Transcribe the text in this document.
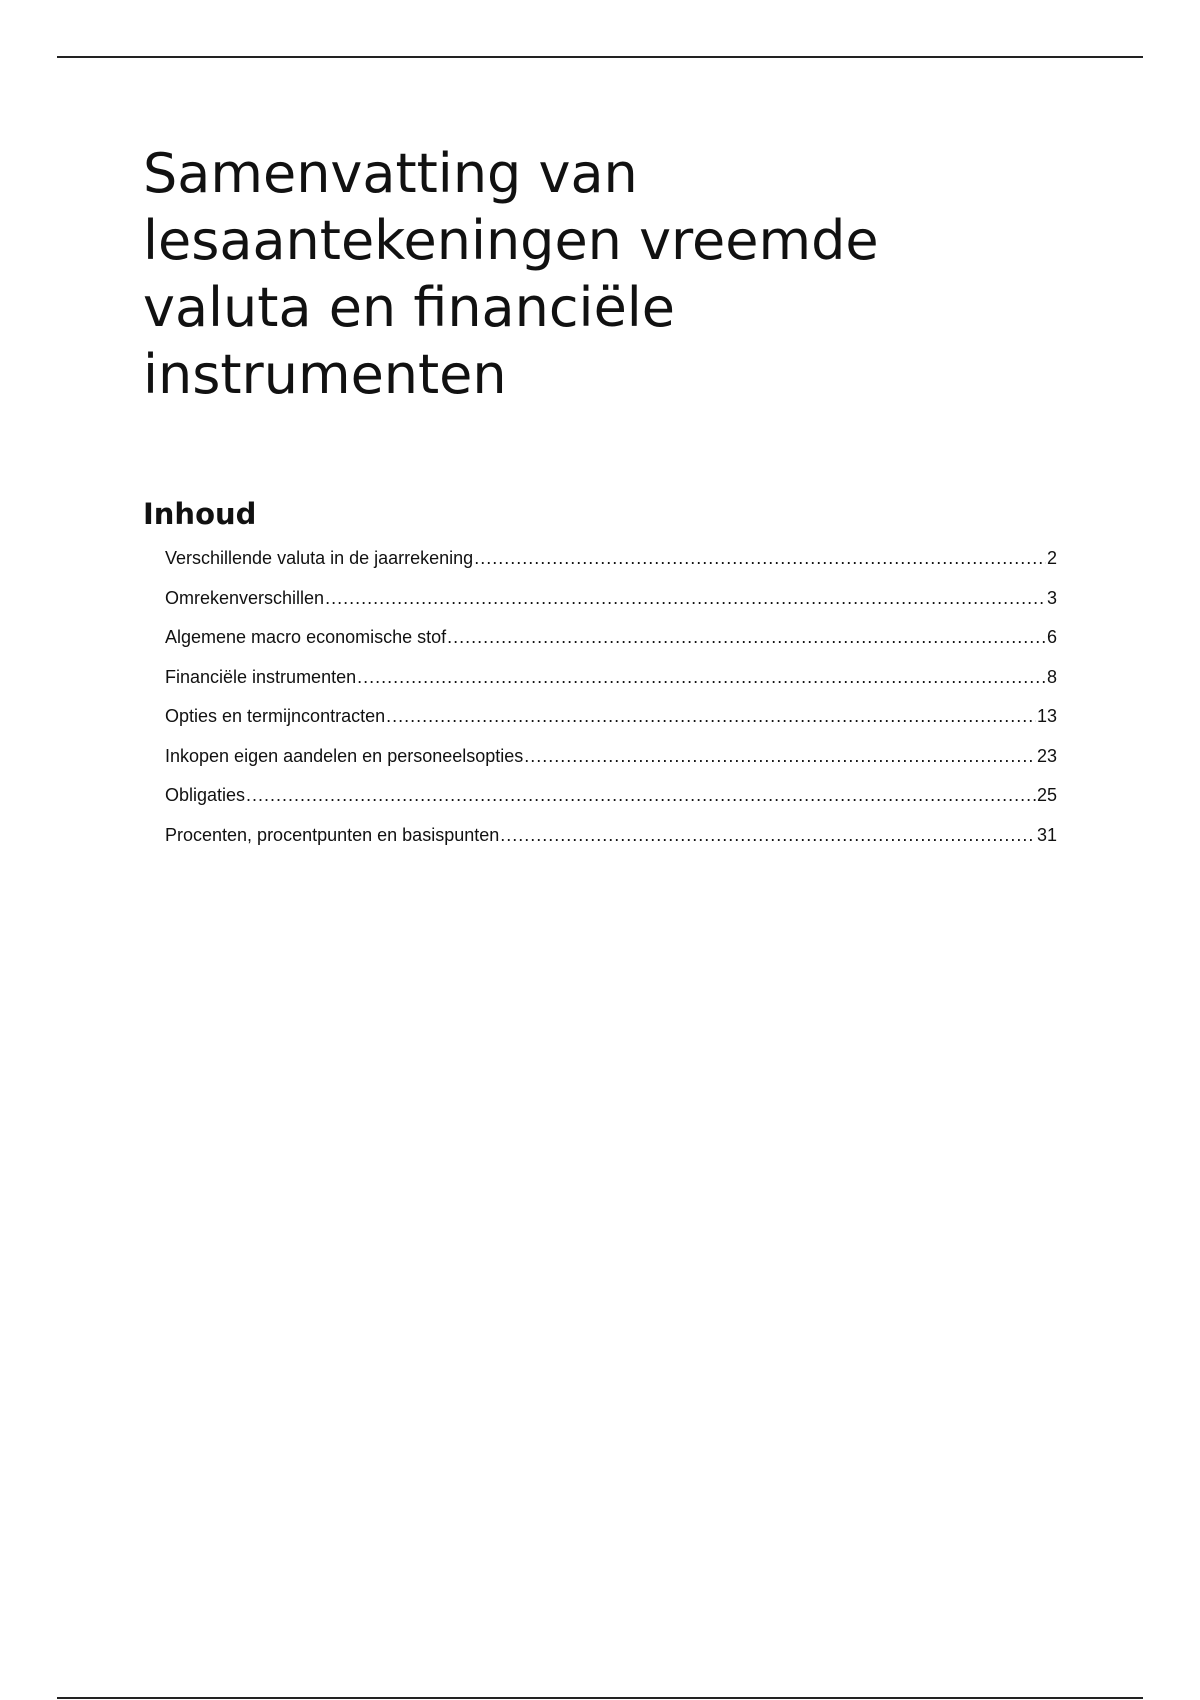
Samenvatting van lesaantekeningen vreemde valuta en financiële instrumenten
Inhoud
Verschillende valuta in de jaarrekening .....	2
Omrekenverschillen .....	3
Algemene macro economische stof .....	6
Financiële instrumenten .....	8
Opties en termijncontracten .....	13
Inkopen eigen aandelen en personeelsopties .....	23
Obligaties .....	25
Procenten, procentpunten en basispunten .....	31
